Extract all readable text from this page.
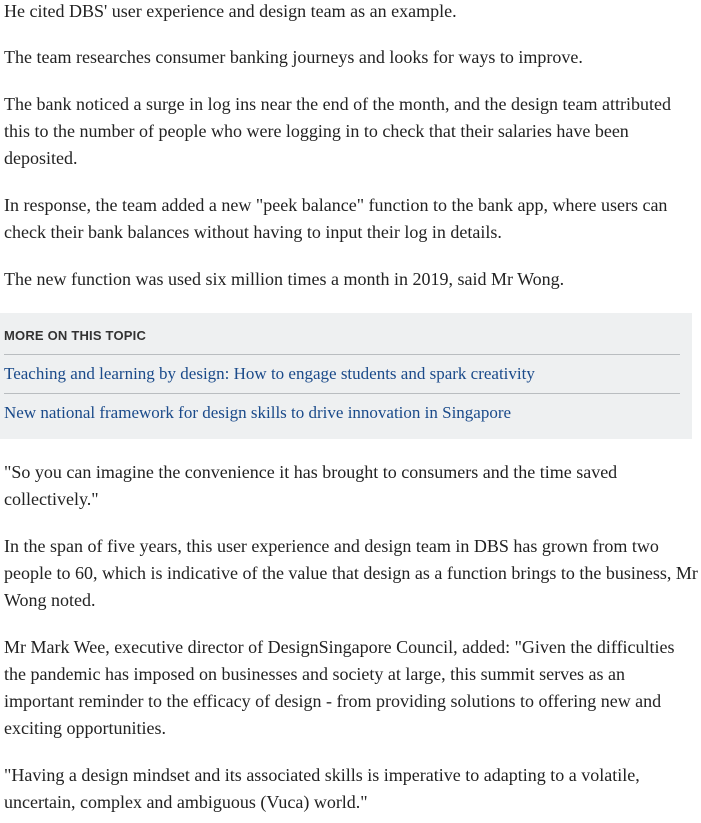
MORE ON THIS TOPIC

Teaching and learning by design: How to engage students and spark creativity
New national framework for design skills to drive innovation in Singapore

He cited DBS' user experience and design team as an example.

The team researches consumer banking journeys and looks for ways to improve.

The bank noticed a surge in log ins near the end of the month, and the design team attributed this to the number of people who were logging in to check that their salaries have been deposited.

In response, the team added a new "peek balance" function to the bank app, where users can check their bank balances without having to input their log in details.

The new function was used six million times a month in 2019, said Mr Wong.

"So you can imagine the convenience it has brought to consumers and the time saved collectively."

In the span of five years, this user experience and design team in DBS has grown from two people to 60, which is indicative of the value that design as a function brings to the business, Mr Wong noted.

Mr Mark Wee, executive director of DesignSingapore Council, added: "Given the difficulties the pandemic has imposed on businesses and society at large, this summit serves as an important reminder to the efficacy of design - from providing solutions to offering new and exciting opportunities.

"Having a design mindset and its associated skills is imperative to adapting to a volatile, uncertain, complex and ambiguous (Vuca) world."
